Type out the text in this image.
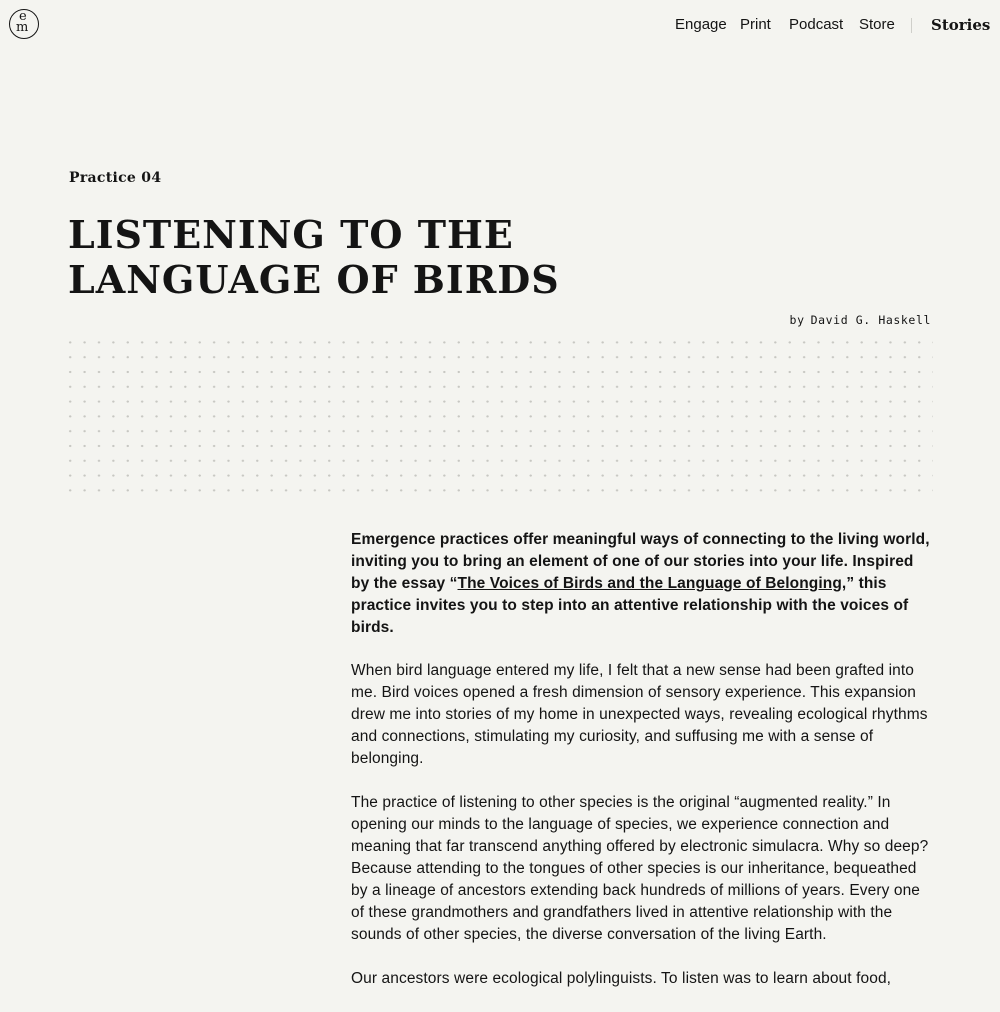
e
m	Engage Print Podcast Store Stories
Practice 04
LISTENING TO THE LANGUAGE OF BIRDS
by David G. Haskell

Emergence practices offer meaningful ways of connecting to the living world, inviting you to bring an element of one of our stories into your life. Inspired by the essay “The Voices of Birds and the Language of Belonging,” this practice invites you to step into an attentive relationship with the voices of birds.

When bird language entered my life, I felt that a new sense had been grafted into me. Bird voices opened a fresh dimension of sensory experience. This expansion drew me into stories of my home in unexpected ways, revealing ecological rhythms and connections, stimulating my curiosity, and suffusing me with a sense of belonging.

The practice of listening to other species is the original “augmented reality.” In opening our minds to the language of species, we experience connection and meaning that far transcend anything offered by electronic simulacra. Why so deep? Because attending to the tongues of other species is our inheritance, bequeathed by a lineage of ancestors extending back hundreds of millions of years. Every one of these grandmothers and grandfathers lived in attentive relationship with the sounds of other species, the diverse conversation of the living Earth.

Our ancestors were ecological polylinguists. To listen was to learn about food,
